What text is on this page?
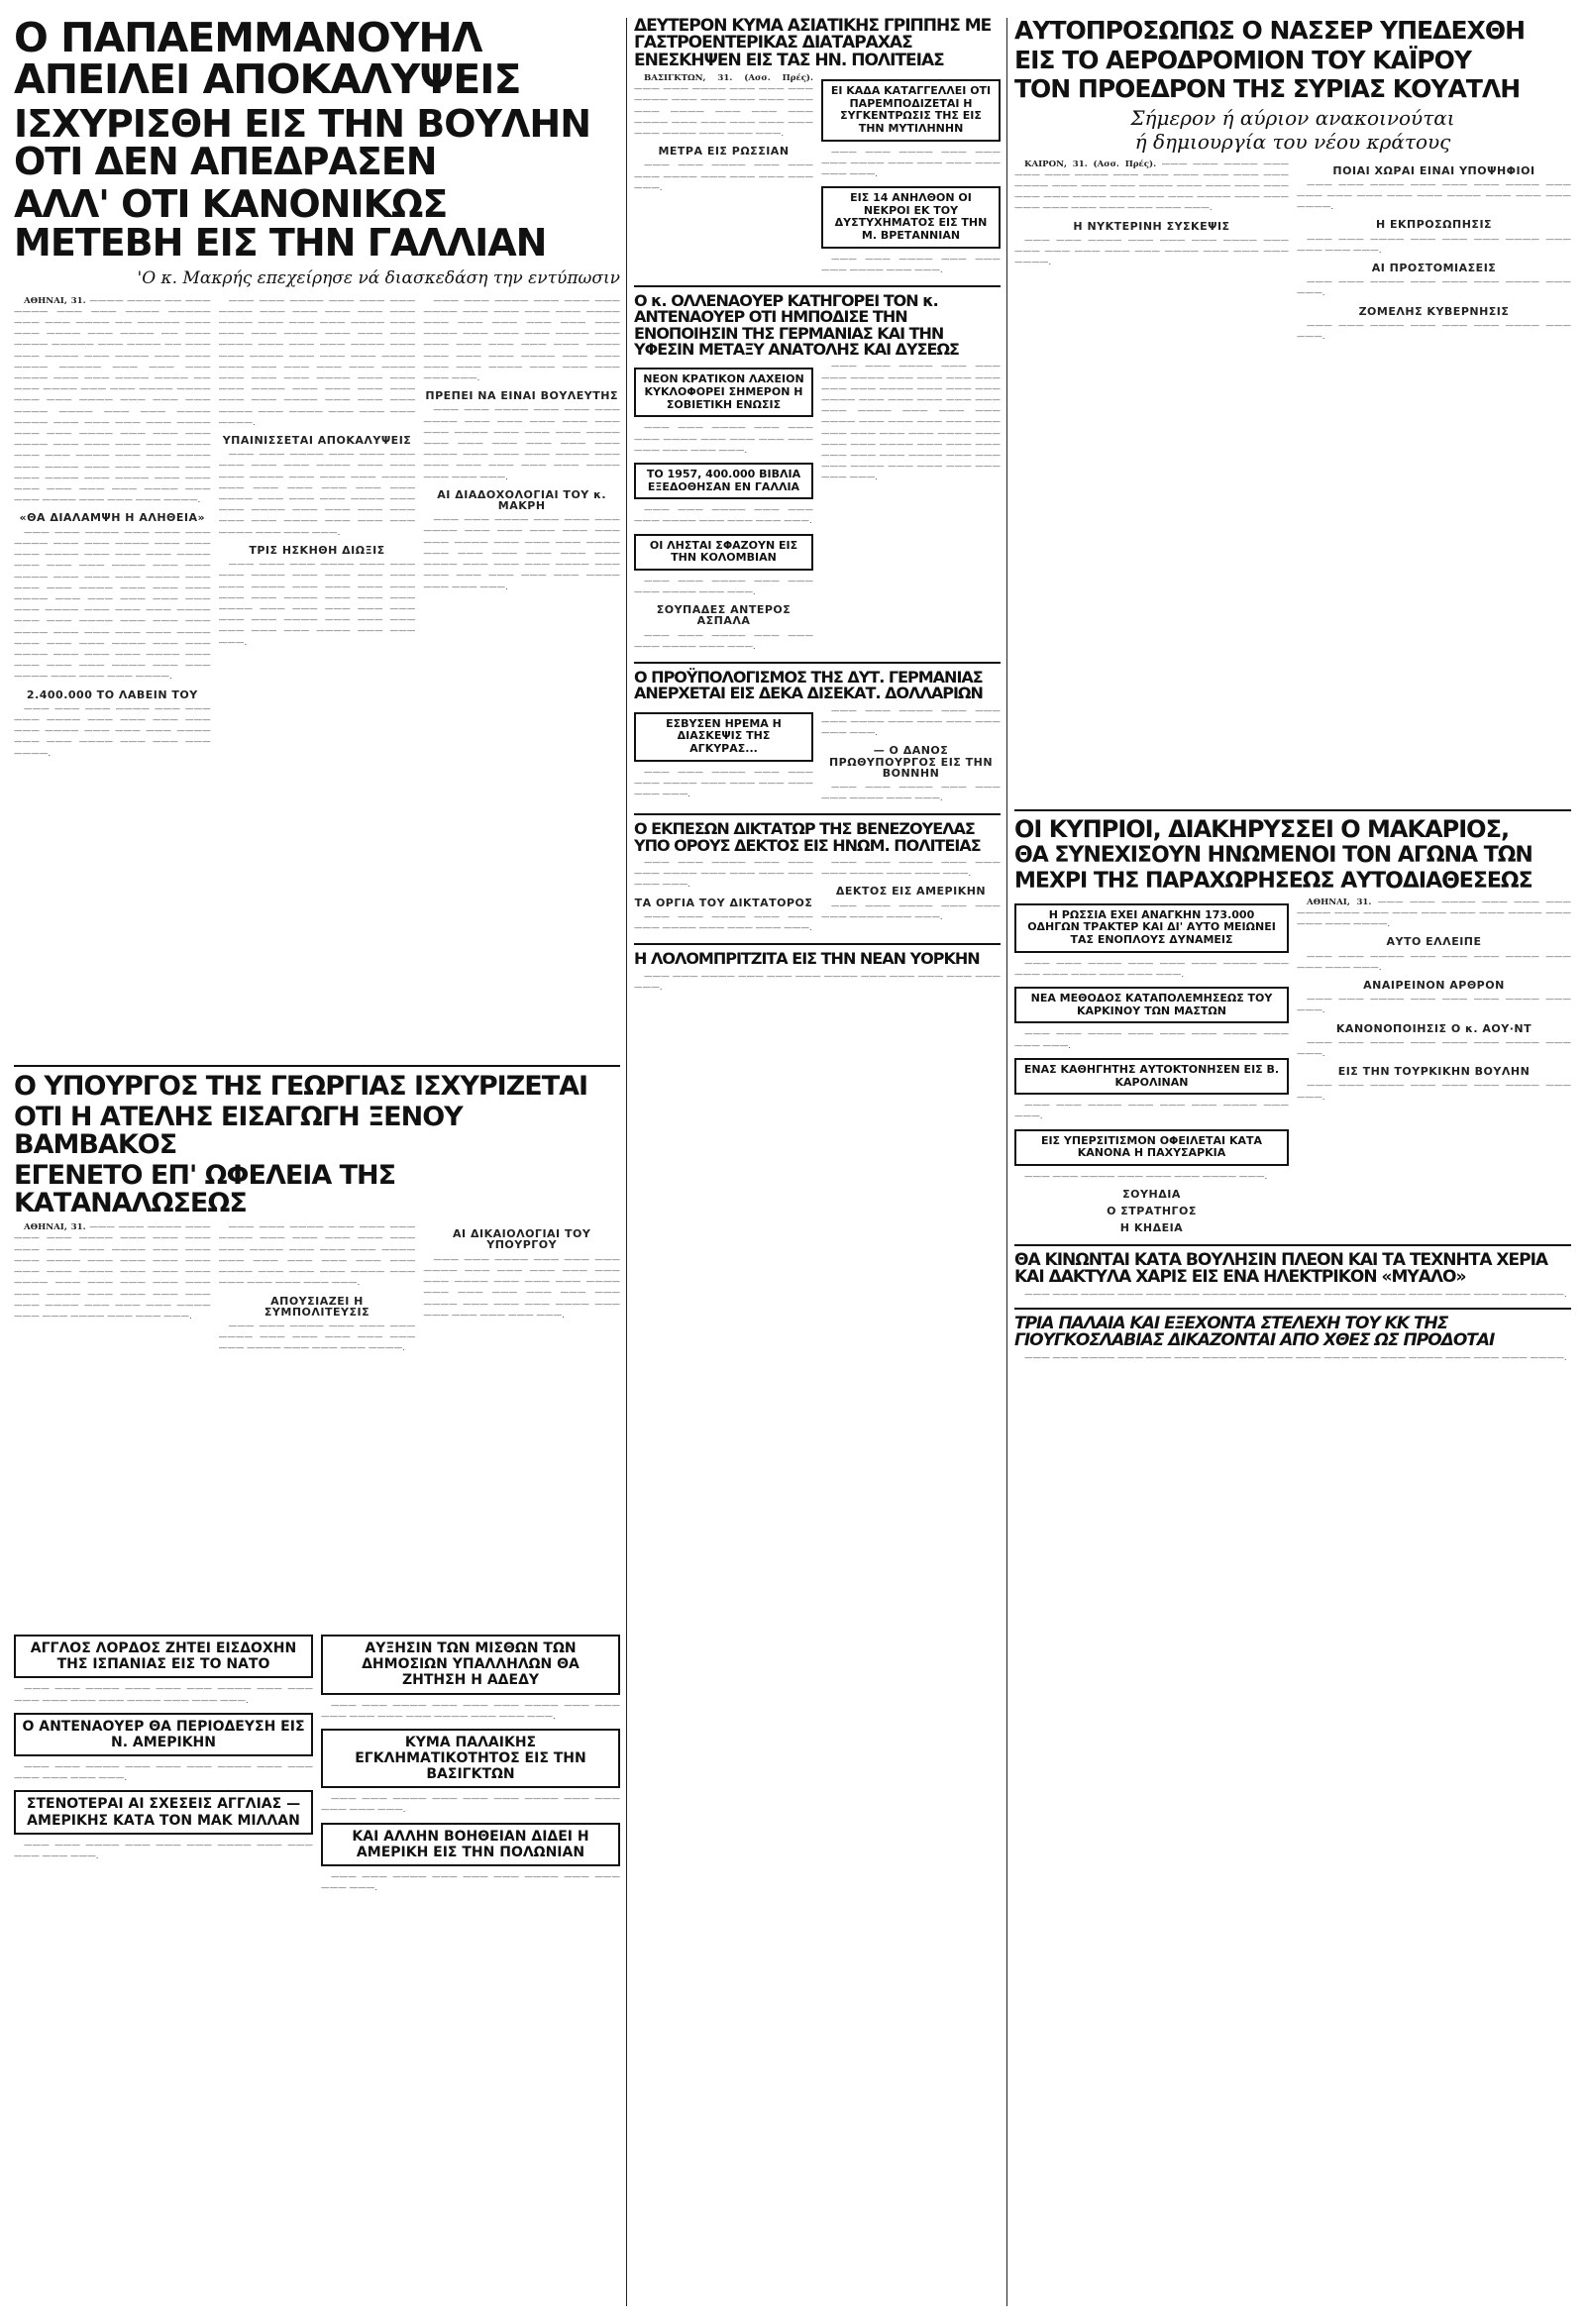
Ο ΠΑΠΑΕΜΜΑΝΟΥΗΛ ΑΠΕΙΛΕΙ ΑΠΟΚΑΛΥΨΕΙΣ
ΙΣΧΥΡΙΣΘΗ ΕΙΣ ΤΗΝ ΒΟΥΛΗΝ ΟΤΙ ΔΕΝ ΑΠΕΔΡΑΣΕΝ
ΑΛΛ' ΟΤΙ ΚΑΝΟΝΙΚΩΣ ΜΕΤΕΒΗ ΕΙΣ ΤΗΝ ΓΑΛΛΙΑΝ
'Ο κ. Μακρής επεχείρησε νά διασκεδάση την εντύπωσιν

ΑΘΗΝΑΙ, 31. ———— ———— —— ——— ———— ——— ——— ———— ————— ——— ——— ———— —— ————— ——— ——— ———— ——— ———— —— ——— ———— ————— ——— ———— —— ——— ——— ———— ——— ———— ——— ——— ———— ————— ——— ——— ——— ———— ——— ——— ———— ———— —— ——— ———— ——— ——— ———— ———— ——— ——— ———— ——— ——— ——— ———— ———— ——— ——— ———— ———— ——— ——— ——— ——— ———— ——— ——— ———— ——— ——— ——— ———— ——— ——— ——— ——— ———— ——— ——— ———— ——— ——— ———— ——— ———— ——— ——— ———— ——— ——— ———— ——— ———— ——— ——— ——— ——— ——— ——— ———— ——— ——— ———— ——— ——— ——— ————.

«ΘΑ ΔΙΑΛΑΜΨΗ Η ΑΛΗΘΕΙΑ»

——— ——— ———— ——— ——— ——— ———— ——— ——— ———— ——— ——— ——— ———— ——— ——— ——— ———— ——— ——— ——— ———— ——— ——— ———— ——— ——— ——— ———— ——— ——— ——— ———— ——— ——— ——— ———— ——— ——— ——— ——— ——— ——— ———— ——— ——— ——— ———— ——— ——— ———— ——— ——— ——— ———— ——— ——— ——— ——— ———— ——— ——— ——— ———— ——— ——— ———— ——— ——— ——— ———— ——— ——— ——— ——— ———— ——— ——— ———— ——— ——— ——— ————.

2.400.000 ΤΟ ΛΑΒΕΙΝ ΤΟΥ

——— ——— ——— ———— ——— ——— ——— ———— ——— ——— ——— ——— ——— ———— ——— ——— ——— ———— ——— ——— ———— ——— ——— ——— ————.

——— ——— ———— ——— ——— ——— ———— ——— ——— ——— ——— ——— ———— ——— ——— ——— ———— ——— ——— ——— ———— ——— ——— ——— ———— ——— ——— ——— ———— ——— ——— ———— ——— ——— ——— ———— ——— ——— ——— ——— ——— ———— ——— ——— ——— ———— ——— ——— ——— ———— ——— ——— ——— ——— ——— ——— ———— ——— ——— ——— ———— ——— ———— ——— ——— ——— ————.

ΥΠΑΙΝΙΣΣΕΤΑΙ ΑΠΟΚΑΛΥΨΕΙΣ

——— ——— ———— ——— ——— ——— ——— ——— ——— ———— ——— ——— ——— ———— ——— ——— ——— ———— ——— ——— ——— ——— ——— ——— ———— ——— ——— ——— ———— ——— ——— ———— ——— ——— ——— ——— ——— ——— ———— ——— ——— ——— ———— ——— ——— ———.

ΤΡΙΣ ΗΣΚΗΘΗ ΔΙΩΞΙΣ

——— ——— ——— ———— ——— ——— ——— ———— ——— ——— ——— ——— ——— ———— ——— ——— ——— ——— ——— ——— ———— ——— ——— ——— ———— ——— ——— ——— ——— ——— ——— ——— ———— ——— ——— ——— ——— ——— ——— ———— ——— ——— ———.

——— ——— ———— ——— ——— ——— ———— ——— ——— ——— ——— ———— ——— ——— ——— ——— ——— ——— ———— ——— ——— ——— ———— ——— ——— ——— ——— ——— ——— ———— ——— ——— ——— ———— ——— ——— ——— ——— ———— ——— ——— ——— ——— ———.

ΠΡΕΠΕΙ ΝΑ ΕΙΝΑΙ ΒΟΥΛΕΥΤΗΣ

——— ——— ———— ——— ——— ——— ———— ——— ——— ——— ——— ——— ——— ———— ——— ——— ——— ———— ——— ——— ——— ——— ——— ——— ———— ——— ——— ——— ———— ——— ——— ——— ——— ——— ——— ———— ——— ——— ———.

ΑΙ ΔΙΑΔΟΧΟΛΟΓΙΑΙ ΤΟΥ κ. ΜΑΚΡΗ

——— ——— ———— ——— ——— ——— ———— ——— ——— ——— ——— ——— ——— ———— ——— ——— ——— ———— ——— ——— ——— ——— ——— ——— ———— ——— ——— ——— ———— ——— ——— ——— ——— ——— ——— ———— ——— ——— ———.

Ο ΥΠΟΥΡΓΟΣ ΤΗΣ ΓΕΩΡΓΙΑΣ ΙΣΧΥΡΙΖΕΤΑΙ
ΟΤΙ Η ΑΤΕΛΗΣ ΕΙΣΑΓΩΓΗ ΞΕΝΟΥ ΒΑΜΒΑΚΟΣ
ΕΓΕΝΕΤΟ ΕΠ' ΩΦΕΛΕΙΑ ΤΗΣ ΚΑΤΑΝΑΛΩΣΕΩΣ

ΑΘΗΝΑΙ, 31. ——— ——— ———— ——— ——— ——— ———— ——— ——— ——— ——— ——— ——— ———— ——— ——— ——— ———— ——— ——— ——— ——— ——— ——— ———— ——— ——— ——— ———— ——— ——— ——— ——— ——— ——— ———— ——— ——— ——— ——— ——— ———— ——— ——— ——— ———— ——— ——— ———— ——— ——— ———.

——— ——— ———— ——— ——— ——— ———— ——— ——— ——— ——— ——— ——— ———— ——— ——— ——— ———— ——— ——— ——— ——— ——— ——— ———— ——— ——— ——— ———— ——— ——— ——— ——— ——— ———.

ΑΠΟΥΣΙΑΖΕΙ Η ΣΥΜΠΟΛΙΤΕΥΣΙΣ

——— ——— ———— ——— ——— ——— ———— ——— ——— ——— ——— ——— ——— ———— ——— ——— ——— ————.

ΑΙ ΔΙΚΑΙΟΛΟΓΙΑΙ ΤΟΥ ΥΠΟΥΡΓΟΥ

——— ——— ———— ——— ——— ——— ———— ——— ——— ——— ——— ——— ——— ———— ——— ——— ——— ———— ——— ——— ——— ——— ——— ——— ———— ——— ——— ——— ———— ——— ——— ——— ——— ——— ———.

ΑΓΓΛΟΣ ΛΟΡΔΟΣ ΖΗΤΕΙ ΕΙΣΔΟΧΗΝ ΤΗΣ ΙΣΠΑΝΙΑΣ ΕΙΣ ΤΟ ΝΑΤΟ

——— ——— ———— ——— ——— ——— ———— ——— ——— ——— ——— ——— ——— ———— ——— ——— ———.

Ο ΑΝΤΕΝΑΟΥΕΡ ΘΑ ΠΕΡΙΟΔΕΥΣΗ ΕΙΣ Ν. ΑΜΕΡΙΚΗΝ

——— ——— ———— ——— ——— ——— ———— ——— ——— ——— ——— ——— ———.

ΣΤΕΝΟΤΕΡΑΙ ΑΙ ΣΧΕΣΕΙΣ ΑΓΓΛΙΑΣ — ΑΜΕΡΙΚΗΣ ΚΑΤΑ ΤΟΝ ΜΑΚ ΜΙΛΛΑΝ

——— ——— ———— ——— ——— ——— ———— ——— ——— ——— ——— ———.

ΑΥΞΗΣΙΝ ΤΩΝ ΜΙΣΘΩΝ ΤΩΝ ΔΗΜΟΣΙΩΝ ΥΠΑΛΛΗΛΩΝ ΘΑ ΖΗΤΗΣΗ Η ΑΔΕΔΥ

——— ——— ———— ——— ——— ——— ———— ——— ——— ——— ——— ——— ——— ———— ——— ——— ———.

ΚΥΜΑ ΠΑΛΑΙΚΗΣ ΕΓΚΛΗΜΑΤΙΚΟΤΗΤΟΣ ΕΙΣ ΤΗΝ ΒΑΣΙΓΚΤΩΝ

——— ——— ———— ——— ——— ——— ———— ——— ——— ——— ——— ———.

ΚΑΙ ΑΛΛΗΝ ΒΟΗΘΕΙΑΝ ΔΙΔΕΙ Η ΑΜΕΡΙΚΗ ΕΙΣ ΤΗΝ ΠΟΛΩΝΙΑΝ

——— ——— ———— ——— ——— ——— ———— ——— ——— ——— ———.

ΔΕΥΤΕΡΟΝ ΚΥΜΑ ΑΣΙΑΤΙΚΗΣ ΓΡΙΠΠΗΣ ΜΕ ΓΑΣΤΡΟΕΝΤΕΡΙΚΑΣ ΔΙΑΤΑΡΑΧΑΣ ΕΝΕΣΚΗΨΕΝ ΕΙΣ ΤΑΣ ΗΝ. ΠΟΛΙΤΕΙΑΣ

ΒΑΣΙΓΚΤΩΝ, 31. (Ασσ. Πρές). ——— ——— ———— ——— ——— ——— ———— ——— ——— ——— ——— ——— ——— ———— ——— ——— ——— ———— ——— ——— ——— ——— ——— ——— ———— ——— ——— ———.

ΜΕΤΡΑ ΕΙΣ ΡΩΣΣΙΑΝ

——— ——— ———— ——— ——— ——— ———— ——— ——— ——— ——— ———.

ΕΙ ΚΑΔΑ ΚΑΤΑΓΓΕΛΛΕΙ ΟΤΙ ΠΑΡΕΜΠΟΔΙΖΕΤΑΙ Η ΣΥΓΚΕΝΤΡΩΣΙΣ ΤΗΣ ΕΙΣ ΤΗΝ ΜΥΤΙΛΗΝΗΝ

——— ——— ———— ——— ——— ——— ———— ——— ——— ——— ——— ——— ———.

ΕΙΣ 14 ΑΝΗΛΘΟΝ ΟΙ ΝΕΚΡΟΙ ΕΚ ΤΟΥ ΔΥΣΤΥΧΗΜΑΤΟΣ ΕΙΣ ΤΗΝ Μ. ΒΡΕΤΑΝΝΙΑΝ

——— ——— ———— ——— ——— ——— ———— ——— ———.

Ο κ. ΟΛΛΕΝΑΟΥΕΡ ΚΑΤΗΓΟΡΕΙ ΤΟΝ κ. ΑΝΤΕΝΑΟΥΕΡ ΟΤΙ ΗΜΠΟΔΙΣΕ ΤΗΝ ΕΝΟΠΟΙΗΣΙΝ ΤΗΣ ΓΕΡΜΑΝΙΑΣ ΚΑΙ ΤΗΝ ΥΦΕΣΙΝ ΜΕΤΑΞΥ ΑΝΑΤΟΛΗΣ ΚΑΙ ΔΥΣΕΩΣ
ΝΕΟΝ ΚΡΑΤΙΚΟΝ ΛΑΧΕΙΟΝ ΚΥΚΛΟΦΟΡΕΙ ΣΗΜΕΡΟΝ Η ΣΟΒΙΕΤΙΚΗ ΕΝΩΣΙΣ

——— ——— ———— ——— ——— ——— ———— ——— ——— ——— ——— ——— ——— ——— ———.

ΤΟ 1957, 400.000 ΒΙΒΛΙΑ ΕΞΕΔΟΘΗΣΑΝ ΕΝ ΓΑΛΛΙΑ

——— ——— ———— ——— ——— ——— ———— ——— ——— ——— ———.

ΟΙ ΛΗΣΤΑΙ ΣΦΑΖΟΥΝ ΕΙΣ ΤΗΝ ΚΟΛΟΜΒΙΑΝ

——— ——— ———— ——— ——— ——— ———— ——— ———.

ΣΟΥΠΑΔΕΣ ΑΝΤΕΡΟΣ ΑΣΠΑΛΑ

——— ——— ———— ——— ——— ——— ———— ——— ———.

——— ——— ———— ——— ——— ——— ———— ——— ——— ——— ——— ——— ——— ———— ——— ——— ——— ———— ——— ——— ——— ——— ——— ——— ———— ——— ——— ——— ———— ——— ——— ——— ——— ——— ——— ——— ——— ——— ———— ——— ——— ——— ———— ——— ——— ——— ——— ——— ——— ———— ——— ——— ——— ———— ——— ——— ——— ——— ——— ———.

Ο ΠΡΟΫΠΟΛΟΓΙΣΜΟΣ ΤΗΣ ΔΥΤ. ΓΕΡΜΑΝΙΑΣ ΑΝΕΡΧΕΤΑΙ ΕΙΣ ΔΕΚΑ ΔΙΣΕΚΑΤ. ΔΟΛΛΑΡΙΩΝ
ΕΣΒΥΣΕΝ ΗΡΕΜΑ Η ΔΙΑΣΚΕΨΙΣ ΤΗΣ ΑΓΚΥΡΑΣ...

——— ——— ———— ——— ——— ——— ———— ——— ——— ——— ——— ——— ———.

——— ——— ———— ——— ——— ——— ———— ——— ——— ——— ——— ——— ———.

— Ο ΔΑΝΟΣ ΠΡΩΘΥΠΟΥΡΓΟΣ ΕΙΣ ΤΗΝ ΒΟΝΝΗΝ

——— ——— ———— ——— ——— ——— ———— ——— ———.

Ο ΕΚΠΕΣΩΝ ΔΙΚΤΑΤΩΡ ΤΗΣ ΒΕΝΕΖΟΥΕΛΑΣ ΥΠΟ ΟΡΟΥΣ ΔΕΚΤΟΣ ΕΙΣ ΗΝΩΜ. ΠΟΛΙΤΕΙΑΣ

——— ——— ———— ——— ——— ——— ———— ——— ——— ——— ——— ——— ———.

ΤΑ ΟΡΓΙΑ ΤΟΥ ΔΙΚΤΑΤΟΡΟΣ

——— ——— ———— ——— ——— ——— ———— ——— ——— ——— ———.

——— ——— ———— ——— ——— ——— ———— ——— ——— ———.

ΔΕΚΤΟΣ ΕΙΣ ΑΜΕΡΙΚΗΝ

——— ——— ———— ——— ——— ——— ———— ——— ———.

Η ΛΟΛΟΜΠΡΙΤΖΙΤΑ ΕΙΣ ΤΗΝ ΝΕΑΝ ΥΟΡΚΗΝ

——— ——— ———— ——— ——— ——— ———— ——— ——— ——— ——— ——— ———.

ΑΥΤΟΠΡΟΣΩΠΩΣ Ο ΝΑΣΣΕΡ ΥΠΕΔΕΧΘΗ
ΕΙΣ ΤΟ ΑΕΡΟΔΡΟΜΙΟΝ ΤΟΥ ΚΑΪΡΟΥ
ΤΟΝ ΠΡΟΕΔΡΟΝ ΤΗΣ ΣΥΡΙΑΣ ΚΟΥΑΤΛΗ
Σήμερον ή αύριον ανακοινούται
ή δημιουργία του νέου κράτους

ΚΑΪΡΟΝ, 31. (Ασσ. Πρές). ——— ——— ———— ——— ——— ——— ———— ——— ——— ——— ——— ——— ——— ———— ——— ——— ——— ———— ——— ——— ——— ——— ——— ——— ———— ——— ——— ——— ———— ——— ——— ——— ——— ——— ——— ——— ——— ———.

Η ΝΥΚΤΕΡΙΝΗ ΣΥΣΚΕΨΙΣ

——— ——— ———— ——— ——— ——— ———— ——— ——— ——— ——— ——— ——— ———— ——— ——— ——— ————.

ΠΟΙΑΙ ΧΩΡΑΙ ΕΙΝΑΙ ΥΠΟΨΗΦΙΟΙ

——— ——— ———— ——— ——— ——— ———— ——— ——— ——— ——— ——— ——— ———— ——— ——— ——— ————.

Η ΕΚΠΡΟΣΩΠΗΣΙΣ

——— ——— ———— ——— ——— ——— ———— ——— ——— ——— ———.

ΑΙ ΠΡΟΣΤΟΜΙΑΣΕΙΣ

——— ——— ———— ——— ——— ——— ———— ——— ———.

ΖΟΜΕΛΗΣ ΚΥΒΕΡΝΗΣΙΣ

——— ——— ———— ——— ——— ——— ———— ——— ———.

ΟΙ ΚΥΠΡΙΟΙ, ΔΙΑΚΗΡΥΣΣΕΙ Ο ΜΑΚΑΡΙΟΣ,
ΘΑ ΣΥΝΕΧΙΣΟΥΝ ΗΝΩΜΕΝΟΙ ΤΟΝ ΑΓΩΝΑ ΤΩΝ
ΜΕΧΡΙ ΤΗΣ ΠΑΡΑΧΩΡΗΣΕΩΣ ΑΥΤΟΔΙΑΘΕΣΕΩΣ
Η ΡΩΣΣΙΑ ΕΧΕΙ ΑΝΑΓΚΗΝ 173.000 ΟΔΗΓΩΝ ΤΡΑΚΤΕΡ ΚΑΙ ΔΙ' ΑΥΤΟ ΜΕΙΩΝΕΙ ΤΑΣ ΕΝΟΠΛΟΥΣ ΔΥΝΑΜΕΙΣ

——— ——— ———— ——— ——— ——— ———— ——— ——— ——— ——— ——— ——— ———.

ΝΕΑ ΜΕΘΟΔΟΣ ΚΑΤΑΠΟΛΕΜΗΣΕΩΣ ΤΟΥ ΚΑΡΚΙΝΟΥ ΤΩΝ ΜΑΣΤΩΝ

——— ——— ———— ——— ——— ——— ———— ——— ——— ———.

ΕΝΑΣ ΚΑΘΗΓΗΤΗΣ ΑΥΤΟΚΤΟΝΗΣΕΝ ΕΙΣ Β. ΚΑΡΟΛΙΝΑΝ

——— ——— ———— ——— ——— ——— ———— ——— ———.

ΕΙΣ ΥΠΕΡΣΙΤΙΣΜΟΝ ΟΦΕΙΛΕΤΑΙ ΚΑΤΑ ΚΑΝΟΝΑ Η ΠΑΧΥΣΑΡΚΙΑ

——— ——— ———— ——— ——— ——— ———— ———.

ΣΟΥΗΔΙΑ
Ο ΣΤΡΑΤΗΓΟΣ
Η ΚΗΔΕΙΑ

ΑΘΗΝΑΙ, 31. ——— ——— ———— ——— ——— ——— ———— ——— ——— ——— ——— ——— ——— ———— ——— ——— ——— ————.

ΑΥΤΟ ΕΛΛΕΙΠΕ

——— ——— ———— ——— ——— ——— ———— ——— ——— ——— ———.

ΑΝΑΙΡΕΙΝΟΝ ΑΡΘΡΟΝ

——— ——— ———— ——— ——— ——— ———— ——— ———.

ΚΑΝΟΝΟΠΟΙΗΣΙΣ Ο κ. ΑΟΥ·ΝΤ

——— ——— ———— ——— ——— ——— ———— ——— ———.

ΕΙΣ ΤΗΝ ΤΟΥΡΚΙΚΗΝ ΒΟΥΛΗΝ

——— ——— ———— ——— ——— ——— ———— ——— ———.

ΘΑ ΚΙΝΩΝΤΑΙ ΚΑΤΑ ΒΟΥΛΗΣΙΝ ΠΛΕΟΝ ΚΑΙ ΤΑ ΤΕΧΝΗΤΑ ΧΕΡΙΑ ΚΑΙ ΔΑΚΤΥΛΑ ΧΑΡΙΣ ΕΙΣ ΕΝΑ ΗΛΕΚΤΡΙΚΟΝ «ΜΥΑΛΟ»

——— ——— ———— ——— ——— ——— ———— ——— ——— ——— ——— ——— ——— ———— ——— ——— ——— ————.

ΤΡΙΑ ΠΑΛΑΙΑ ΚΑΙ ΕΞΕΧΟΝΤΑ ΣΤΕΛΕΧΗ ΤΟΥ ΚΚ ΤΗΣ ΓΙΟΥΓΚΟΣΛΑΒΙΑΣ ΔΙΚΑΖΟΝΤΑΙ ΑΠΟ ΧΘΕΣ ΩΣ ΠΡΟΔΟΤΑΙ

——— ——— ———— ——— ——— ——— ———— ——— ——— ——— ——— ——— ——— ———— ——— ——— ——— ————.
